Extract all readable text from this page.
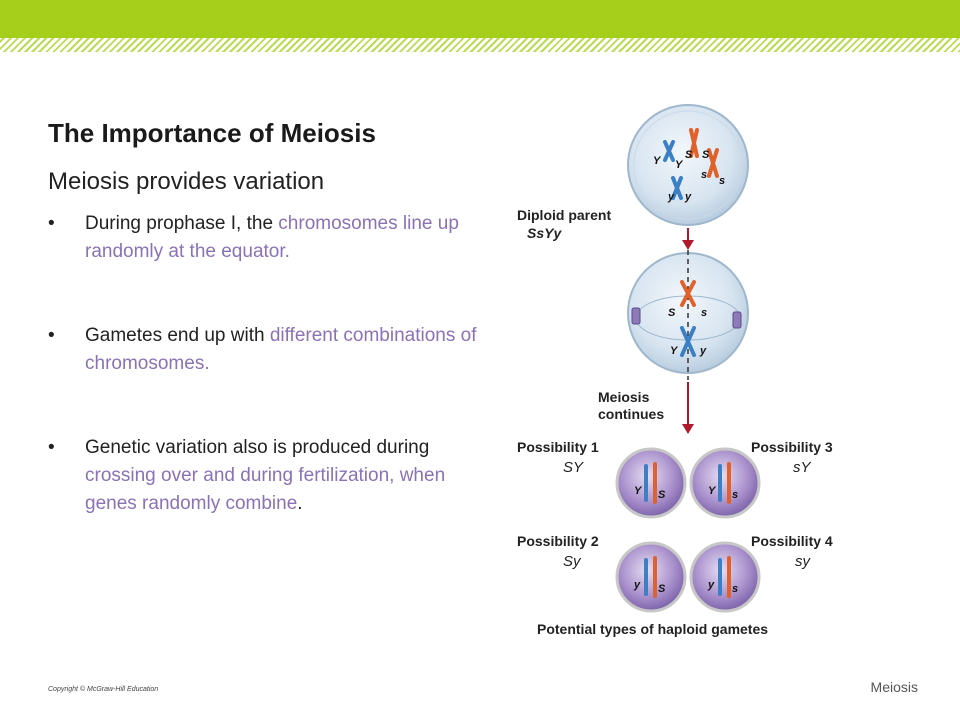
The Importance of Meiosis
Meiosis provides variation
• During prophase I, the chromosomes line up randomly at the equator.
• Gametes end up with different combinations of chromosomes.
• Genetic variation also is produced during crossing over and during fertilization, when genes randomly combine.
Y Y
S S
s s
y y
Diploid parent
SsYy
S s
Y y
Meiosis
continues
Possibility 1
SY
Possibility 3
sY
Possibility 2
Sy
Possibility 4
sy
Y S	Y s
y S	y s
Potential types of haploid gametes
Copyright © McGraw-Hill Education	Meiosis
